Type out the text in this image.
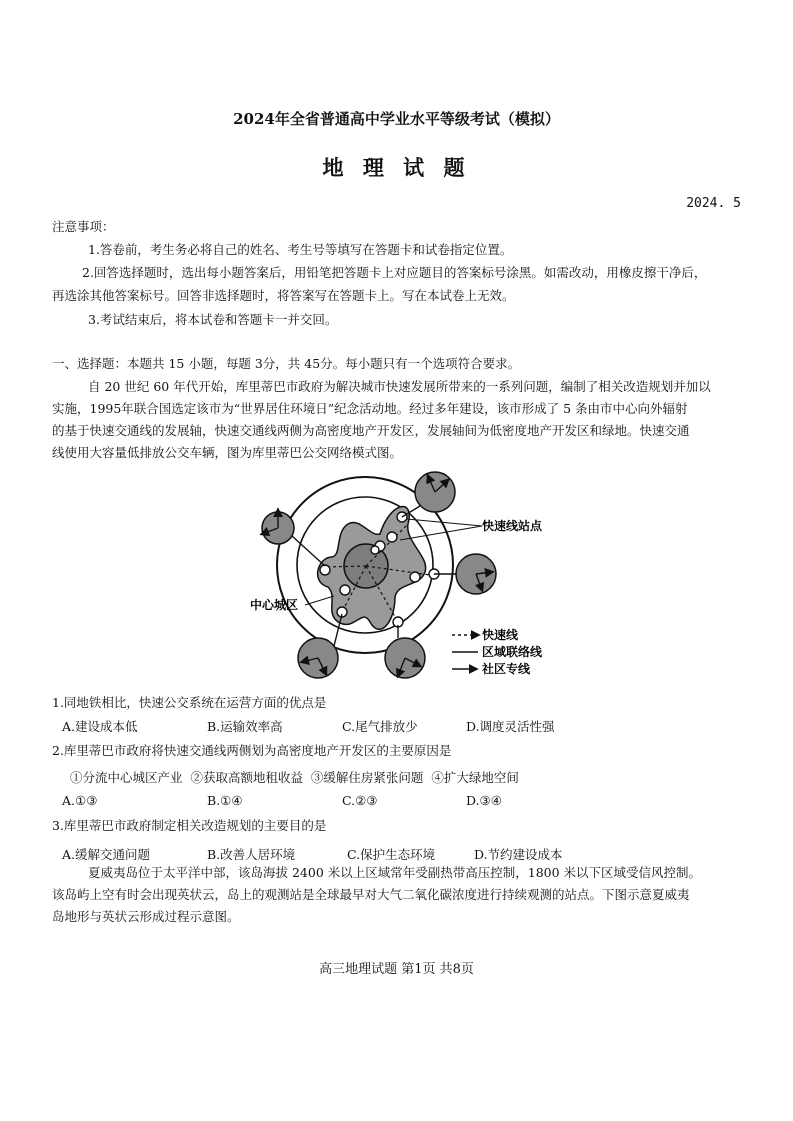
2024年全省普通高中学业水平等级考试（模拟）
地 理 试 题
2024. 5
注意事项：
1.答卷前，考生务必将自己的姓名、考生号等填写在答题卡和试卷指定位置。
2.回答选择题时，选出每小题答案后，用铅笔把答题卡上对应题目的答案标号涂黑。如需改动，用橡皮擦干净后，
再选涂其他答案标号。回答非选择题时，将答案写在答题卡上。写在本试卷上无效。
3.考试结束后，将本试卷和答题卡一并交回。
一、选择题：本题共 15 小题，每题 3分，共 45分。每小题只有一个选项符合要求。
自 20 世纪 60 年代开始，库里蒂巴市政府为解决城市快速发展所带来的一系列问题，编制了相关改造规划并加以
实施，1995年联合国选定该市为“世界居住环境日”纪念活动地。经过多年建设，该市形成了 5 条由市中心向外辐射
的基于快速交通线的发展轴，快速交通线两侧为高密度地产开发区，发展轴间为低密度地产开发区和绿地。快速交通
线使用大容量低排放公交车辆，图为库里蒂巴公交网络模式图。
快速线站点
中心城区
快速线
区域联络线
社区专线
1.同地铁相比，快速公交系统在运营方面的优点是
A.建设成本低	B.运输效率高	C.尾气排放少	D.调度灵活性强
2.库里蒂巴市政府将快速交通线两侧划为高密度地产开发区的主要原因是
①分流中心城区产业  ②获取高额地租收益  ③缓解住房紧张问题  ④扩大绿地空间
A.①③	B.①④	C.②③	D.③④
3.库里蒂巴市政府制定相关改造规划的主要目的是
A.缓解交通问题	B.改善人居环境	C.保护生态环境	D.节约建设成本
夏威夷岛位于太平洋中部，该岛海拔 2400 米以上区域常年受副热带高压控制，1800 米以下区域受信风控制。
该岛屿上空有时会出现英状云，岛上的观测站是全球最早对大气二氧化碳浓度进行持续观测的站点。下图示意夏威夷
岛地形与英状云形成过程示意图。
高三地理试题 第1页 共8页
